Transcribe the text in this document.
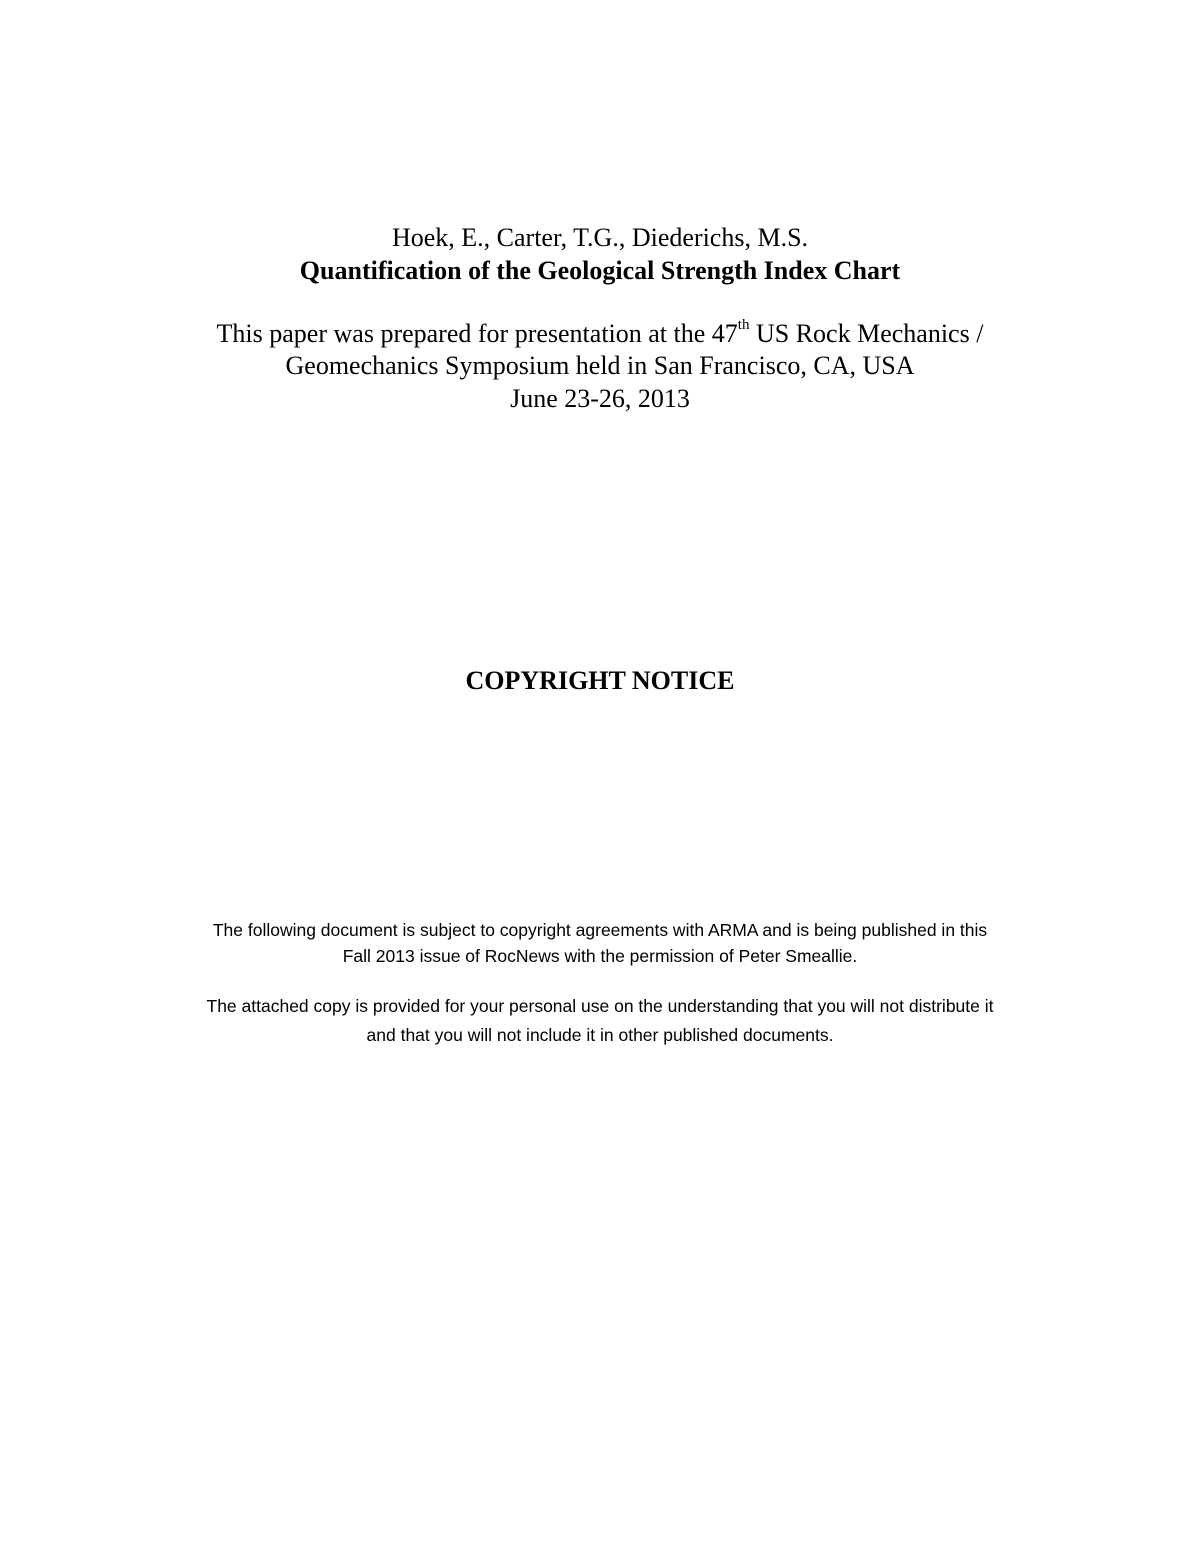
Hoek, E., Carter, T.G., Diederichs, M.S.
Quantification of the Geological Strength Index Chart
This paper was prepared for presentation at the 47th US Rock Mechanics /
Geomechanics Symposium held in San Francisco, CA, USA
June 23-26, 2013
COPYRIGHT NOTICE
The following document is subject to copyright agreements with ARMA and is being published in this
Fall 2013 issue of RocNews with the permission of Peter Smeallie.
The attached copy is provided for your personal use on the understanding that you will not distribute it
and that you will not include it in other published documents.
